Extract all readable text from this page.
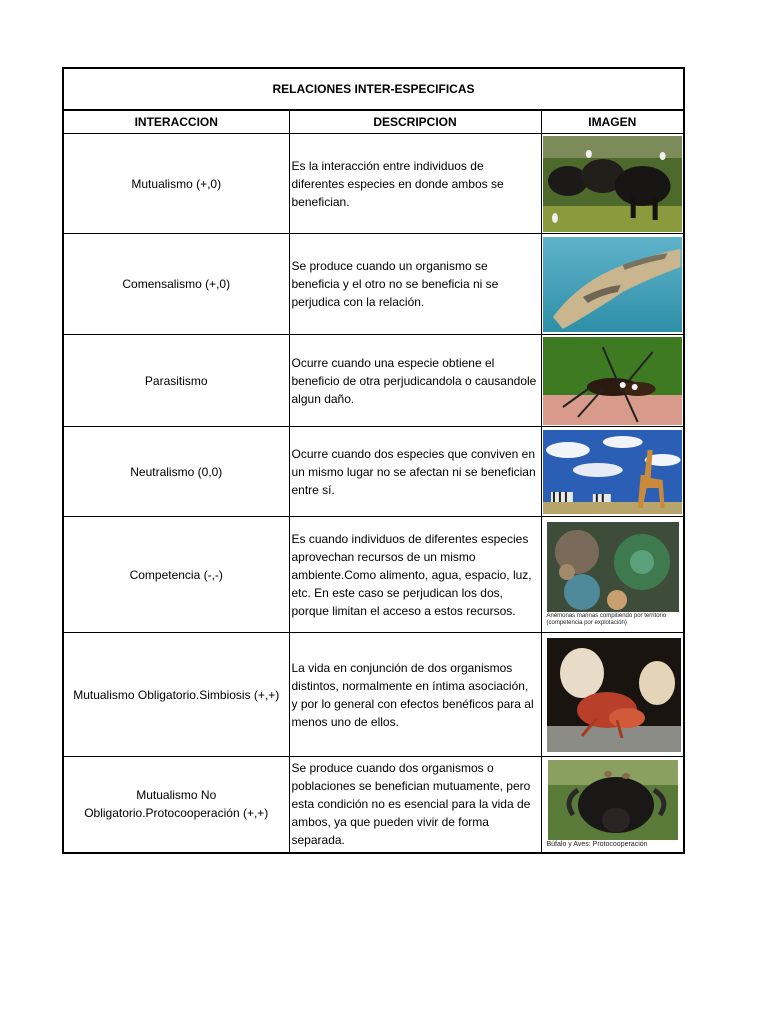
RELACIONES INTER-ESPECIFICAS		
INTERACCION	DESCRIPCION	IMAGEN
Mutualismo (+,0)	Es la interacción entre individuos de diferentes especies en donde ambos se benefician.	

Comensalismo (+,0)	Se produce cuando un organismo se beneficia y el otro no se beneficia ni se perjudica con la relación.	

Parasitismo	Ocurre cuando una especie obtiene el beneficio de otra perjudicandola o causandole algun daño.	

Neutralismo (0,0)	Ocurre cuando dos especies que conviven en un mismo lugar no se afectan ni se benefician entre sí.	

Competencia (-,-)	Es cuando individuos de diferentes especies aprovechan recursos de un mismo ambiente.Como alimento, agua, espacio, luz, etc. En este caso se perjudican los dos, porque limitan el acceso a estos recursos.	Anémonas marinas compitiendo por territorio (competencia por explotación)

Mutualismo Obligatorio.Simbiosis (+,+)	La vida en conjunción de dos organismos distintos, normalmente en íntima asociación, y por lo general con efectos benéficos para al menos uno de ellos.	

Mutualismo No Obligatorio.Protocooperación (+,+)	Se produce cuando dos organismos o poblaciones se benefician mutuamente, pero esta condición no es esencial para la vida de ambos, ya que pueden vivir de forma separada.	Búfalo y Aves: Protocooperación
